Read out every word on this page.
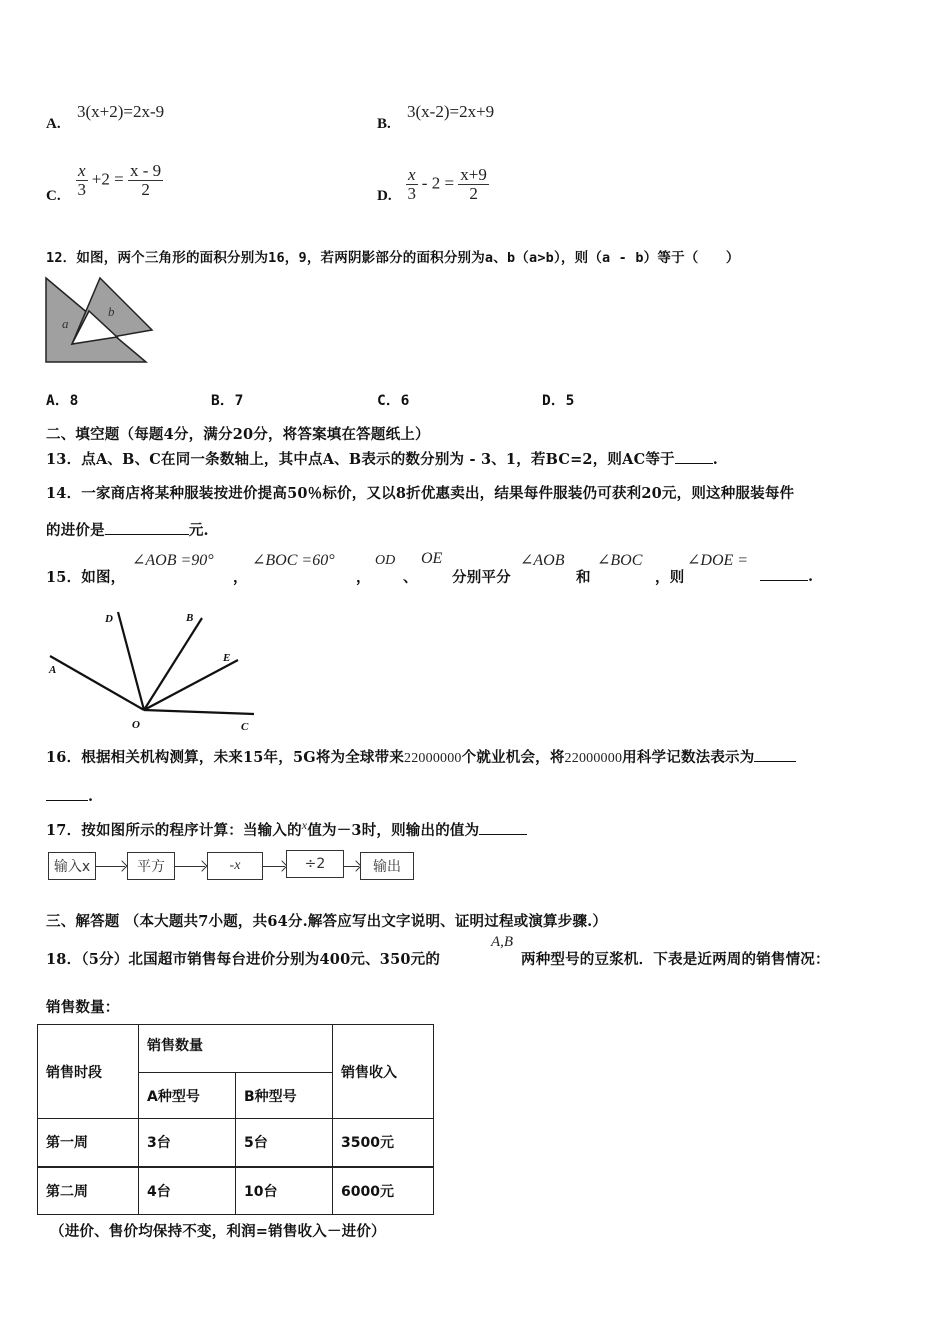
A.
3(x+2)=2x-9
B.
3(x-2)=2x+9
C. $\frac{x}{3} +2 = \frac{x - 9}{2}$	D. $\frac{x}{3} - 2 = \frac{x+9}{2}$
12．如图，两个三角形的面积分别为16，9，若两阴影部分的面积分别为a、b（a>b），则（a - b）等于（　　）
a
b
A．8	B．7	C．6	D．5
二、填空题（每题4分，满分20分，将答案填在答题纸上）
13．点A、B、C在同一条数轴上，其中点A、B表示的数分别为 - 3、1，若BC=2，则AC等于	.
14．一家商店将某种服装按进价提高50％标价，又以8折优惠卖出，结果每件服装仍可获利20元，则这种服装每件
的进价是	元.
15．如图，
∠AOB =90°
，
∠BOC =60°
，
OD
、
OE
分别平分
∠AOB
和
∠BOC
，则
∠DOE =
.
A
D	B
E
O	C
16．根据相关机构测算，未来15年，5G将为全球带来22000000个就业机会，将22000000用科学记数法表示为
.
17．按如图所示的程序计算：当输入的$^x$值为－3时，则输出的值为
输入x	平方	-x	÷2	输出
三、解答题 （本大题共7小题，共64分.解答应写出文字说明、证明过程或演算步骤.）
18．（5分）北国超市销售每台进价分别为400元、350元的
A,B
两种型号的豆浆机．下表是近两周的销售情况：
销售数量：
销售时段	销售数量		销售收入
	A种型号	B种型号	
第一周	3台	5台	3500元
第二周	4台	10台	6000元
（进价、售价均保持不变，利润=销售收入－进价）
